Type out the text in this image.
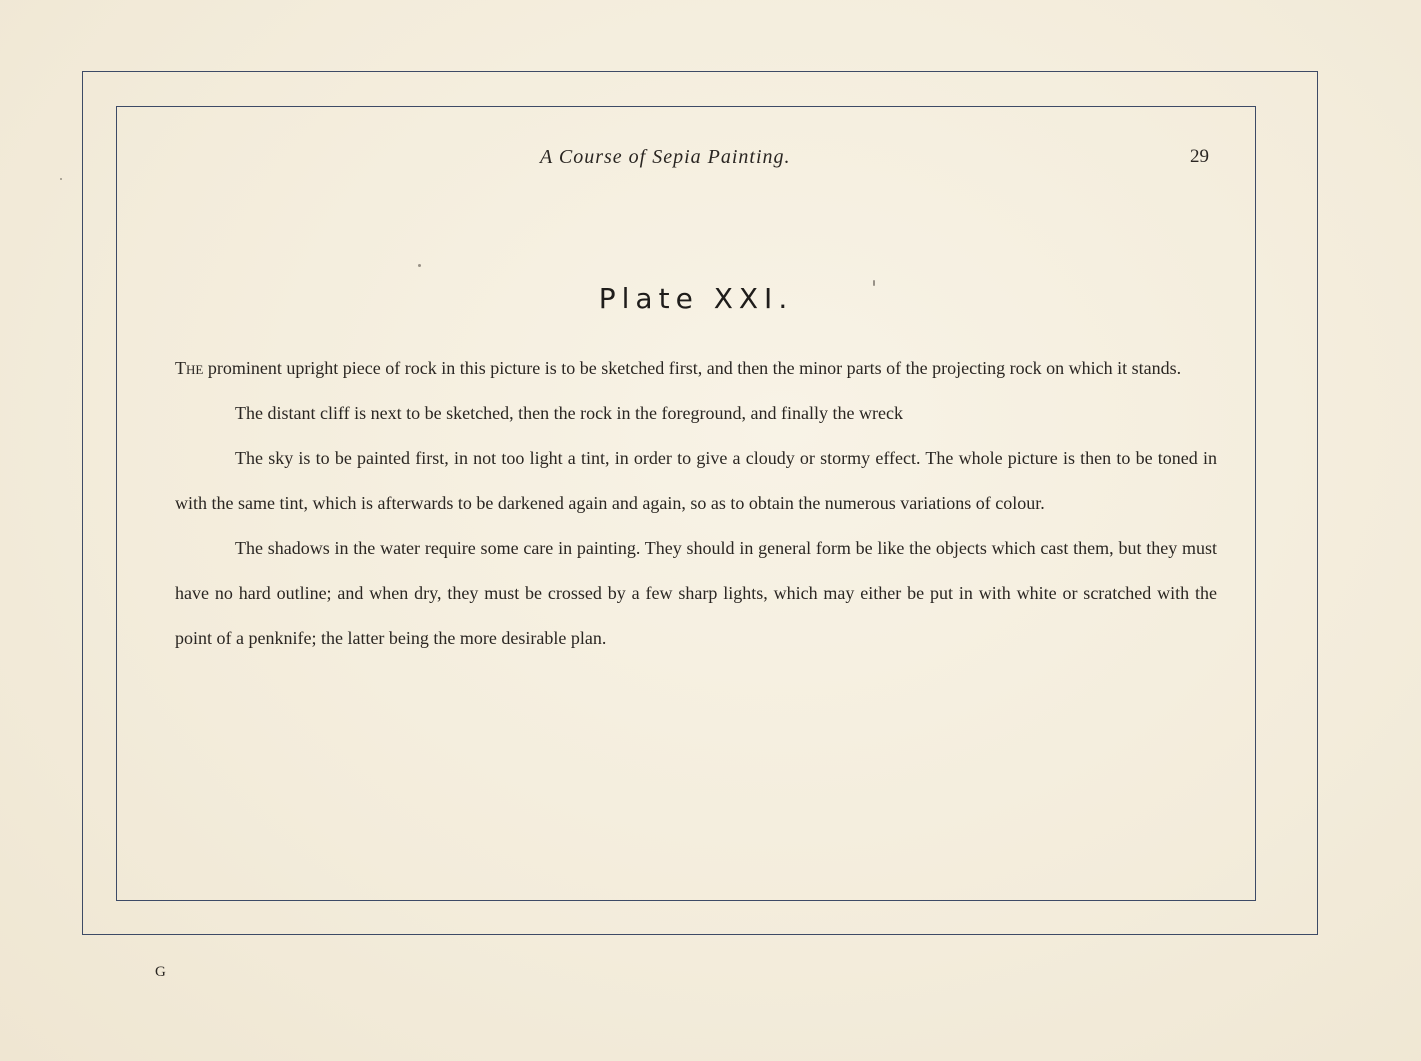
A Course of Sepia Painting.	29
Plate XXI.

The prominent upright piece of rock in this picture is to be sketched first, and then the minor parts of the projecting rock on which it stands.

The distant cliff is next to be sketched, then the rock in the foreground, and finally the wreck

The sky is to be painted first, in not too light a tint, in order to give a cloudy or stormy effect. The whole picture is then to be toned in with the same tint, which is afterwards to be darkened again and again, so as to obtain the numerous variations of colour.

The shadows in the water require some care in painting. They should in general form be like the objects which cast them, but they must have no hard outline; and when dry, they must be crossed by a few sharp lights, which may either be put in with white or scratched with the point of a penknife; the latter being the more desirable plan.

G
